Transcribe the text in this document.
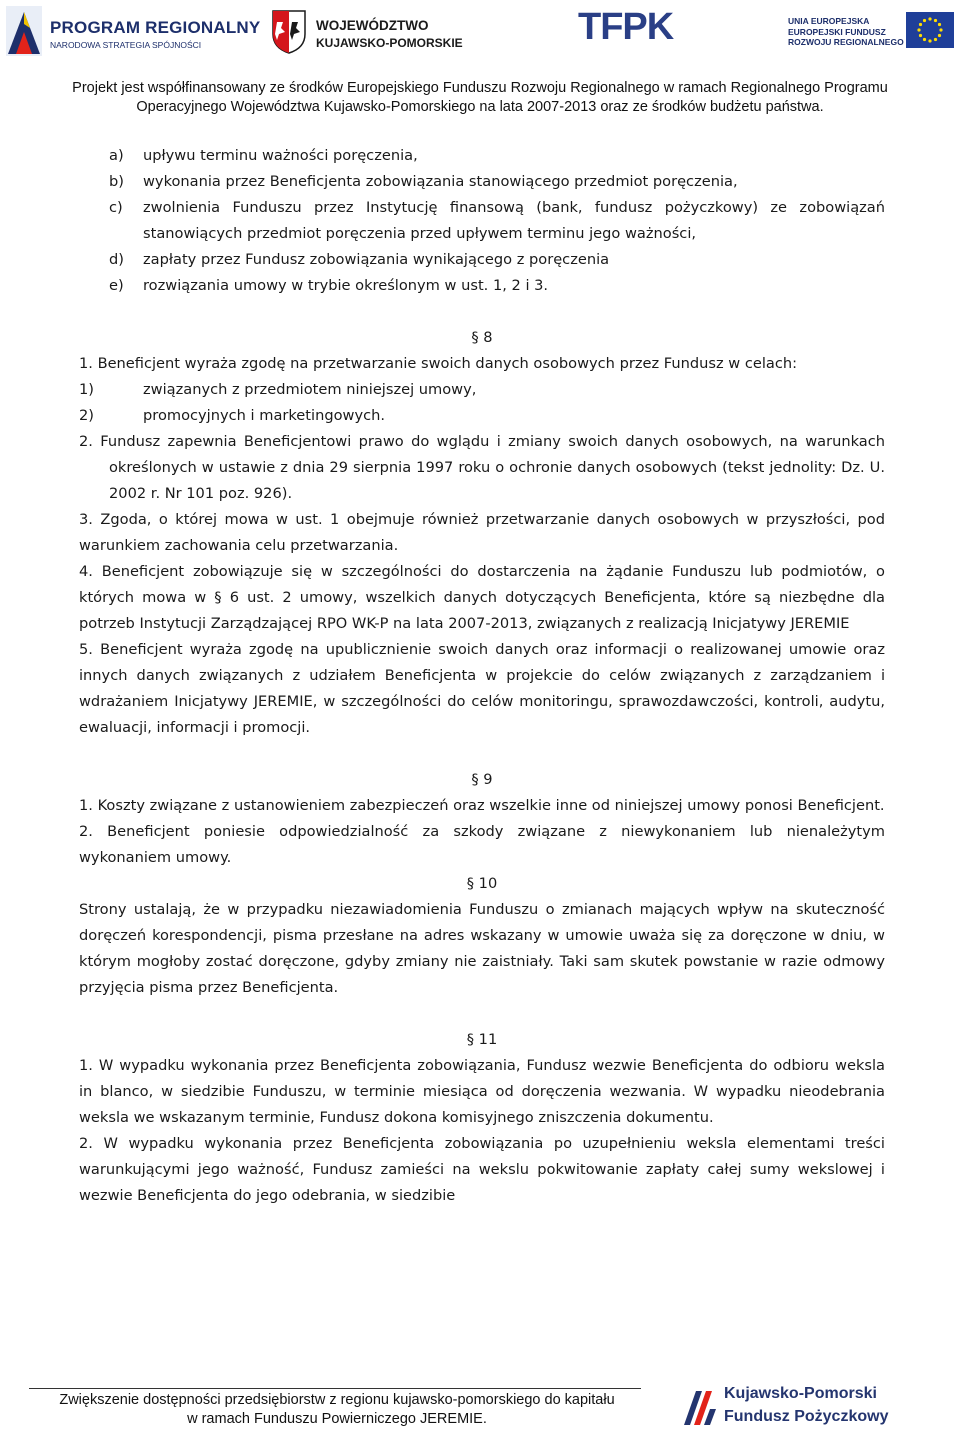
PROGRAM REGIONALNY
NARODOWA STRATEGIA SPÓJNOŚCI
WOJEWÓDZTWO
KUJAWSKO-POMORSKIE	TFPK	UNIA EUROPEJSKA
EUROPEJSKI FUNDUSZ
ROZWOJU REGIONALNEGO
Projekt jest współfinansowany ze środków Europejskiego Funduszu Rozwoju Regionalnego w ramach Regionalnego Programu
Operacyjnego Województwa Kujawsko-Pomorskiego na lata 2007-2013 oraz ze środków budżetu państwa.
a) upływu terminu ważności poręczenia,
b) wykonania przez Beneficjenta zobowiązania stanowiącego przedmiot poręczenia,
c) zwolnienia Funduszu przez Instytucję finansową (bank, fundusz pożyczkowy) ze zobowiązań stanowiących przedmiot poręczenia przed upływem terminu jego ważności,
d) zapłaty przez Fundusz zobowiązania wynikającego z poręczenia
e) rozwiązania umowy w trybie określonym w ust. 1, 2 i 3.

§ 8

1. Beneficjent wyraża zgodę na przetwarzanie swoich danych osobowych przez Fundusz w celach:

1)	związanych z przedmiotem niniejszej umowy,
2)	promocyjnych i marketingowych.

2. Fundusz zapewnia Beneficjentowi prawo do wglądu i zmiany swoich danych osobowych, na warunkach określonych w ustawie z dnia 29 sierpnia 1997 roku o ochronie danych osobowych (tekst jednolity: Dz. U. 2002 r. Nr 101 poz. 926).

3. Zgoda, o której mowa w ust. 1 obejmuje również przetwarzanie danych osobowych w przyszłości, pod warunkiem zachowania celu przetwarzania.

4. Beneficjent zobowiązuje się w szczególności do dostarczenia na żądanie Funduszu lub podmiotów, o których mowa w § 6 ust. 2 umowy, wszelkich danych dotyczących Beneficjenta, które są niezbędne dla potrzeb Instytucji Zarządzającej RPO WK-P na lata 2007-2013, związanych z realizacją Inicjatywy JEREMIE

5. Beneficjent wyraża zgodę na upublicznienie swoich danych oraz informacji o realizowanej umowie oraz innych danych związanych z udziałem Beneficjenta w projekcie do celów związanych z zarządzaniem i wdrażaniem Inicjatywy JEREMIE, w szczególności do celów monitoringu, sprawozdawczości, kontroli, audytu, ewaluacji, informacji i promocji.

§ 9

1. Koszty związane z ustanowieniem zabezpieczeń oraz wszelkie inne od niniejszej umowy ponosi Beneficjent.

2. Beneficjent poniesie odpowiedzialność za szkody związane z niewykonaniem lub nienależytym wykonaniem umowy.

§ 10

Strony ustalają, że w przypadku niezawiadomienia Funduszu o zmianach mających wpływ na skuteczność doręczeń korespondencji, pisma przesłane na adres wskazany w umowie uważa się za doręczone w dniu, w którym mogłoby zostać doręczone, gdyby zmiany nie zaistniały. Taki sam skutek powstanie w razie odmowy przyjęcia pisma przez Beneficjenta.

§ 11

1. W wypadku wykonania przez Beneficjenta zobowiązania, Fundusz wezwie Beneficjenta do odbioru weksla in blanco, w siedzibie Funduszu, w terminie miesiąca od doręczenia wezwania. W wypadku nieodebrania weksla we wskazanym terminie, Fundusz dokona komisyjnego zniszczenia dokumentu.

2. W wypadku wykonania przez Beneficjenta zobowiązania po uzupełnieniu weksla elementami treści warunkującymi jego ważność, Fundusz zamieści na wekslu pokwitowanie zapłaty całej sumy wekslowej i wezwie Beneficjenta do jego odebrania, w siedzibie

Zwiększenie dostępności przedsiębiorstw z regionu kujawsko-pomorskiego do kapitału
w ramach Funduszu Powierniczego JEREMIE.
Kujawsko-Pomorski
Fundusz Pożyczkowy
